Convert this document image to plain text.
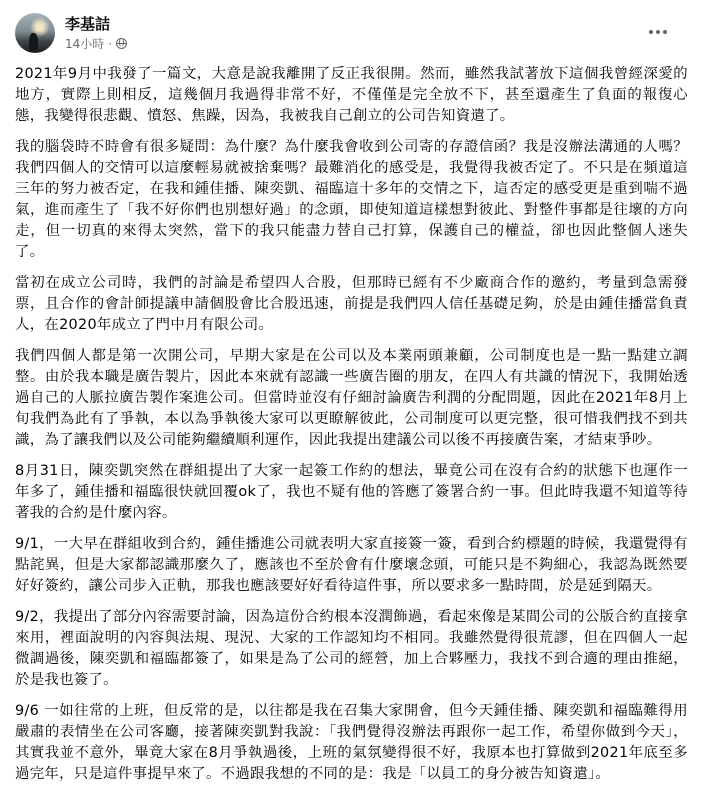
李基詰
14小時 ·

2021年9月中我發了一篇文，大意是說我離開了反正我很開。然而，雖然我試著放下這個我曾經深愛的地方，實際上則相反，這幾個月我過得非常不好，不僅僅是完全放不下，甚至還產生了負面的報復心態，我變得很悲觀、憤怒、焦躁，因為，我被我自己創立的公司告知資遣了。

我的腦袋時不時會有很多疑問：為什麼？為什麼我會收到公司寄的存證信函？我是沒辦法溝通的人嗎？我們四個人的交情可以這麼輕易就被捨棄嗎？最難消化的感受是，我覺得我被否定了。不只是在頻道這三年的努力被否定，在我和鍾佳播、陳奕凱、福臨這十多年的交情之下，這否定的感受更是重到喘不過氣，進而產生了「我不好你們也別想好過」的念頭，即使知道這樣想對彼此、對整件事都是往壞的方向走，但一切真的來得太突然，當下的我只能盡力替自己打算，保護自己的權益，卻也因此整個人迷失了。

當初在成立公司時，我們的討論是希望四人合股，但那時已經有不少廠商合作的邀約，考量到急需發票，且合作的會計師提議申請個股會比合股迅速，前提是我們四人信任基礎足夠，於是由鍾佳播當負責人，在2020年成立了門中月有限公司。

我們四個人都是第一次開公司，早期大家是在公司以及本業兩頭兼顧，公司制度也是一點一點建立調整。由於我本職是廣告製片，因此本來就有認識一些廣告圈的朋友，在四人有共識的情況下，我開始透過自己的人脈拉廣告製作案進公司。但當時並沒有仔細討論廣告利潤的分配問題，因此在2021年8月上旬我們為此有了爭執，本以為爭執後大家可以更瞭解彼此，公司制度可以更完整，很可惜我們找不到共識，為了讓我們以及公司能夠繼續順利運作，因此我提出建議公司以後不再接廣告案，才結束爭吵。

8月31日，陳奕凱突然在群組提出了大家一起簽工作約的想法，畢竟公司在沒有合約的狀態下也運作一年多了，鍾佳播和福臨很快就回覆ok了，我也不疑有他的答應了簽署合約一事。但此時我還不知道等待著我的合約是什麼內容。

9/1，一大早在群組收到合約，鍾佳播進公司就表明大家直接簽一簽，看到合約標題的時候，我還覺得有點詫異，但是大家都認識那麼久了，應該也不至於會有什麼壞念頭，可能只是不夠細心，我認為既然要好好簽約，讓公司步入正軌，那我也應該要好好看待這件事，所以要求多一點時間，於是延到隔天。

9/2，我提出了部分內容需要討論，因為這份合約根本沒潤飾過，看起來像是某間公司的公版合約直接拿來用，裡面說明的內容與法規、現況、大家的工作認知均不相同。我雖然覺得很荒謬，但在四個人一起微調過後，陳奕凱和福臨都簽了，如果是為了公司的經營，加上合夥壓力，我找不到合適的理由推絕，於是我也簽了。

9/6 一如往常的上班，但反常的是，以往都是我在召集大家開會，但今天鍾佳播、陳奕凱和福臨難得用嚴肅的表情坐在公司客廳，接著陳奕凱對我說：「我們覺得沒辦法再跟你一起工作，希望你做到今天」，其實我並不意外，畢竟大家在8月爭執過後，上班的氣氛變得很不好，我原本也打算做到2021年底至多過完年，只是這件事提早來了。不過跟我想的不同的是：我是「以員工的身分被告知資遣」。
